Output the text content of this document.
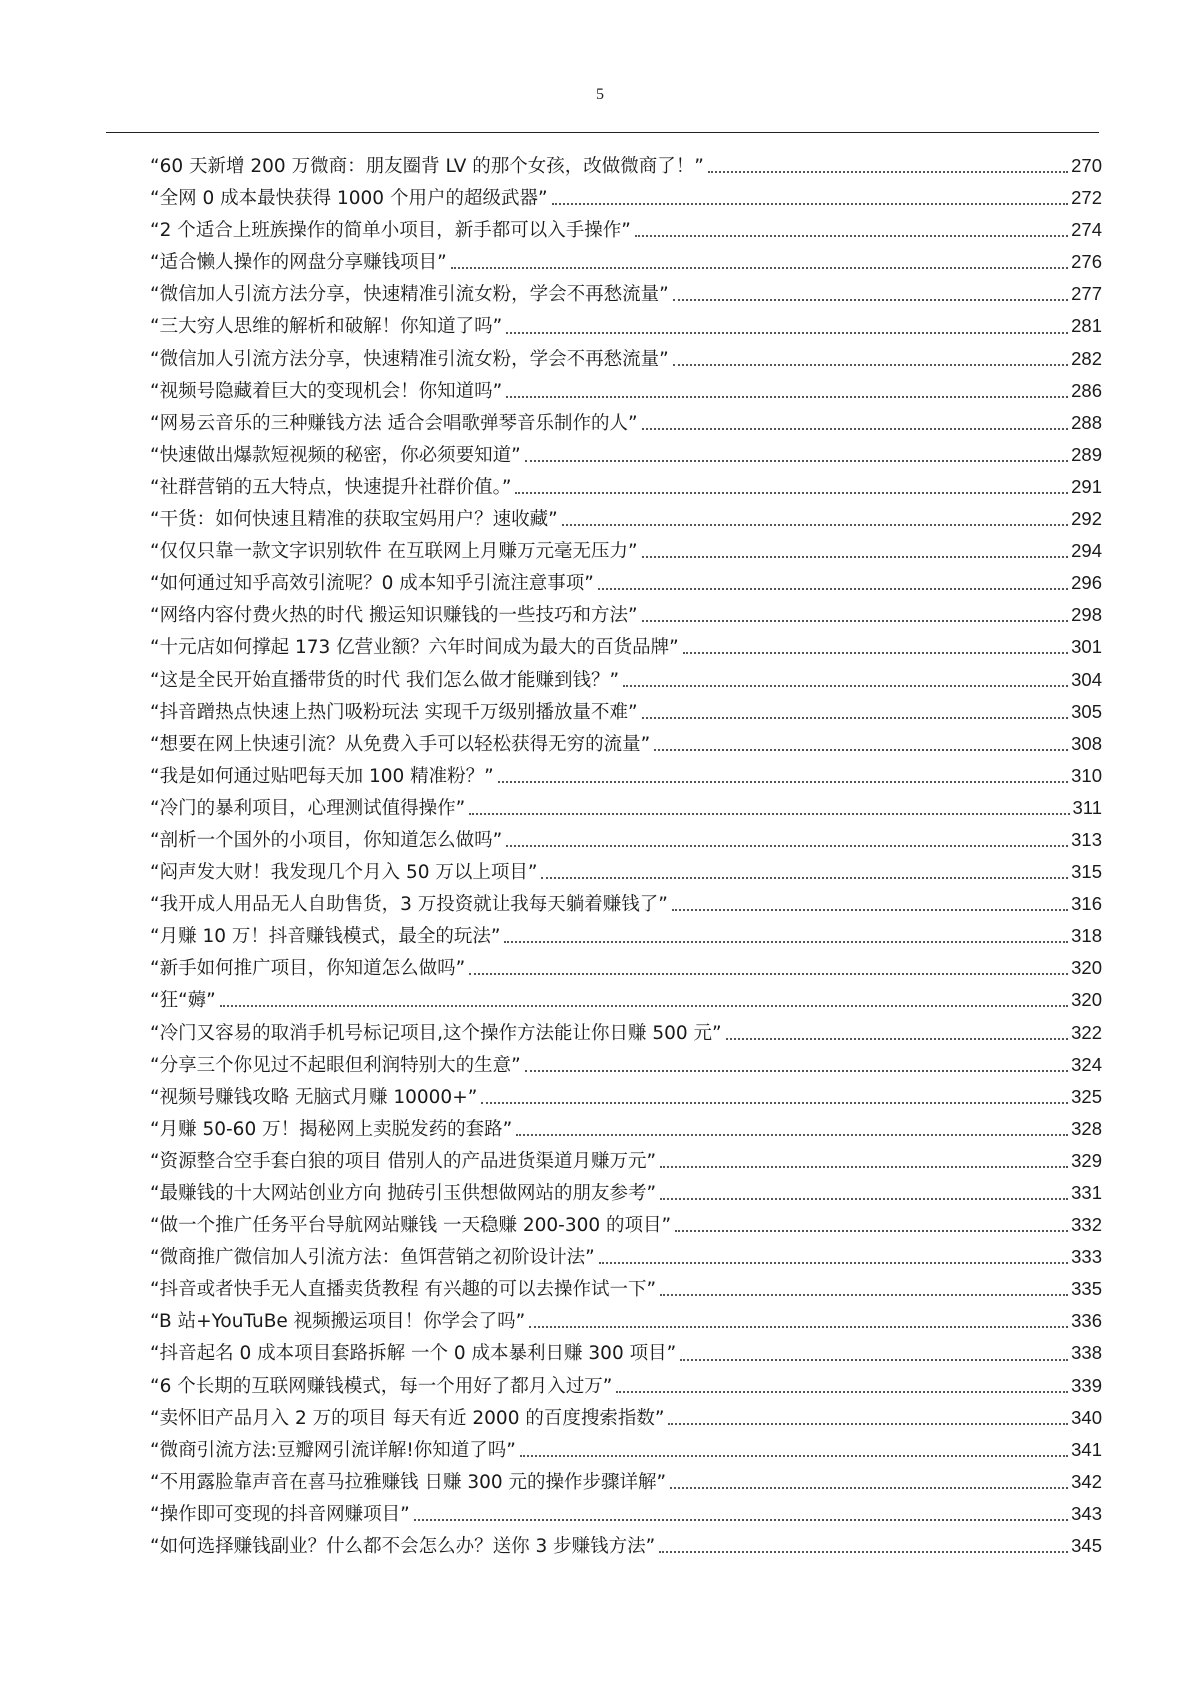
5
“60 天新增 200 万微商：朋友圈背 LV 的那个女孩，改做微商了！”	270
“全网 0 成本最快获得 1000 个用户的超级武器”	272
“2 个适合上班族操作的简单小项目，新手都可以入手操作”	274
“适合懒人操作的网盘分享赚钱项目”	276
“微信加人引流方法分享，快速精准引流女粉，学会不再愁流量”	277
“三大穷人思维的解析和破解！你知道了吗”	281
“微信加人引流方法分享，快速精准引流女粉，学会不再愁流量”	282
“视频号隐藏着巨大的变现机会！你知道吗”	286
“网易云音乐的三种赚钱方法 适合会唱歌弹琴音乐制作的人”	288
“快速做出爆款短视频的秘密，你必须要知道”	289
“社群营销的五大特点，快速提升社群价值。”	291
“干货：如何快速且精准的获取宝妈用户？速收藏”	292
“仅仅只靠一款文字识别软件 在互联网上月赚万元毫无压力”	294
“如何通过知乎高效引流呢？0 成本知乎引流注意事项”	296
“网络内容付费火热的时代 搬运知识赚钱的一些技巧和方法”	298
“十元店如何撑起 173 亿营业额？六年时间成为最大的百货品牌”	301
“这是全民开始直播带货的时代 我们怎么做才能赚到钱？”	304
“抖音蹭热点快速上热门吸粉玩法 实现千万级别播放量不难”	305
“想要在网上快速引流？从免费入手可以轻松获得无穷的流量”	308
“我是如何通过贴吧每天加 100 精准粉？”	310
“冷门的暴利项目，心理测试值得操作”	311
“剖析一个国外的小项目，你知道怎么做吗”	313
“闷声发大财！我发现几个月入 50 万以上项目”	315
“我开成人用品无人自助售货，3 万投资就让我每天躺着赚钱了”	316
“月赚 10 万！抖音赚钱模式，最全的玩法”	318
“新手如何推广项目，你知道怎么做吗”	320
“狂“薅”	320
“冷门又容易的取消手机号标记项目,这个操作方法能让你日赚 500 元”	322
“分享三个你见过不起眼但利润特别大的生意”	324
“视频号赚钱攻略 无脑式月赚 10000+”	325
“月赚 50-60 万！揭秘网上卖脱发药的套路”	328
“资源整合空手套白狼的项目 借别人的产品进货渠道月赚万元”	329
“最赚钱的十大网站创业方向 抛砖引玉供想做网站的朋友参考”	331
“做一个推广任务平台导航网站赚钱 一天稳赚 200-300 的项目”	332
“微商推广微信加人引流方法：鱼饵营销之初阶设计法”	333
“抖音或者快手无人直播卖货教程 有兴趣的可以去操作试一下”	335
“B 站+YouTuBe 视频搬运项目！你学会了吗”	336
“抖音起名 0 成本项目套路拆解 一个 0 成本暴利日赚 300 项目”	338
“6 个长期的互联网赚钱模式，每一个用好了都月入过万”	339
“卖怀旧产品月入 2 万的项目 每天有近 2000 的百度搜索指数”	340
“微商引流方法:豆瓣网引流详解!你知道了吗”	341
“不用露脸靠声音在喜马拉雅赚钱 日赚 300 元的操作步骤详解”	342
“操作即可变现的抖音网赚项目”	343
“如何选择赚钱副业？什么都不会怎么办？送你 3 步赚钱方法”	345
